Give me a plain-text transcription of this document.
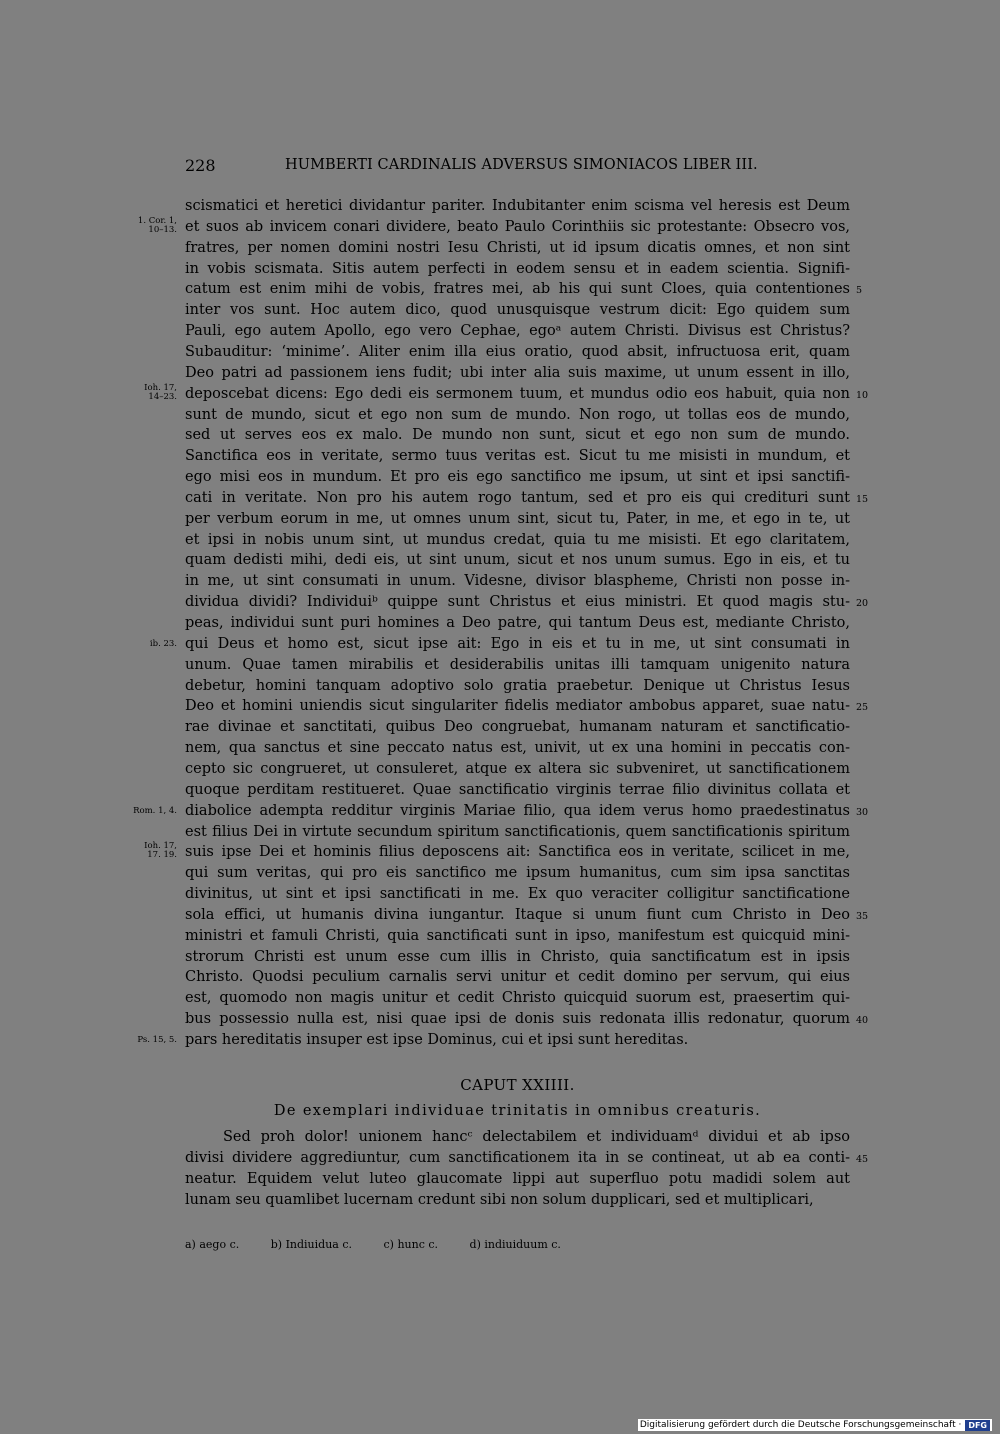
228	HUMBERTI CARDINALIS ADVERSUS SIMONIACOS LIBER III.
scismatici et heretici dividantur pariter. Indubitanter enim scisma vel heresis est Deum
et suos ab invicem conari dividere, beato Paulo Corinthiis sic protestante: Obsecro vos,
fratres, per nomen domini nostri Iesu Christi, ut id ipsum dicatis omnes, et non sint
in vobis scismata. Sitis autem perfecti in eodem sensu et in eadem scientia. Signifi-
catum est enim mihi de vobis, fratres mei, ab his qui sunt Cloes, quia contentiones
inter vos sunt. Hoc autem dico, quod unusquisque vestrum dicit: Ego quidem sum
Pauli, ego autem Apollo, ego vero Cephae, egoᵃ autem Christi. Divisus est Christus?
Subauditur: ‘minime’. Aliter enim illa eius oratio, quod absit, infructuosa erit, quam
Deo patri ad passionem iens fudit; ubi inter alia suis maxime, ut unum essent in illo,
deposcebat dicens: Ego dedi eis sermonem tuum, et mundus odio eos habuit, quia non
sunt de mundo, sicut et ego non sum de mundo. Non rogo, ut tollas eos de mundo,
sed ut serves eos ex malo. De mundo non sunt, sicut et ego non sum de mundo.
Sanctifica eos in veritate, sermo tuus veritas est. Sicut tu me misisti in mundum, et
ego misi eos in mundum. Et pro eis ego sanctifico me ipsum, ut sint et ipsi sanctifi-
cati in veritate. Non pro his autem rogo tantum, sed et pro eis qui credituri sunt
per verbum eorum in me, ut omnes unum sint, sicut tu, Pater, in me, et ego in te, ut
et ipsi in nobis unum sint, ut mundus credat, quia tu me misisti. Et ego claritatem,
quam dedisti mihi, dedi eis, ut sint unum, sicut et nos unum sumus. Ego in eis, et tu
in me, ut sint consumati in unum. Videsne, divisor blaspheme, Christi non posse in-
dividua dividi? Individuiᵇ quippe sunt Christus et eius ministri. Et quod magis stu-
peas, individui sunt puri homines a Deo patre, qui tantum Deus est, mediante Christo,
qui Deus et homo est, sicut ipse ait: Ego in eis et tu in me, ut sint consumati in
unum. Quae tamen mirabilis et desiderabilis unitas illi tamquam unigenito natura
debetur, homini tanquam adoptivo solo gratia praebetur. Denique ut Christus Iesus
Deo et homini uniendis sicut singulariter fidelis mediator ambobus apparet, suae natu-
rae divinae et sanctitati, quibus Deo congruebat, humanam naturam et sanctificatio-
nem, qua sanctus et sine peccato natus est, univit, ut ex una homini in peccatis con-
cepto sic congrueret, ut consuleret, atque ex altera sic subveniret, ut sanctificationem
quoque perditam restitueret. Quae sanctificatio virginis terrae filio divinitus collata et
diabolice adempta redditur virginis Mariae filio, qua idem verus homo praedestinatus
est filius Dei in virtute secundum spiritum sanctificationis, quem sanctificationis spiritum
suis ipse Dei et hominis filius deposcens ait: Sanctifica eos in veritate, scilicet in me,
qui sum veritas, qui pro eis sanctifico me ipsum humanitus, cum sim ipsa sanctitas
divinitus, ut sint et ipsi sanctificati in me. Ex quo veraciter colligitur sanctificatione
sola effici, ut humanis divina iungantur. Itaque si unum fiunt cum Christo in Deo
ministri et famuli Christi, quia sanctificati sunt in ipso, manifestum est quicquid mini-
strorum Christi est unum esse cum illis in Christo, quia sanctificatum est in ipsis
Christo. Quodsi peculium carnalis servi unitur et cedit domino per servum, qui eius
est, quomodo non magis unitur et cedit Christo quicquid suorum est, praesertim qui-
bus possessio nulla est, nisi quae ipsi de donis suis redonata illis redonatur, quorum
pars hereditatis insuper est ipse Dominus, cui et ipsi sunt hereditas.
1. Cor. 1,
10–13.
Ioh. 17,
14–23.
ib. 23.
Rom. 1, 4.
Ioh. 17,
17. 19.
Ps. 15, 5.
5
10
15
20
25
30
35
40
45
CAPUT XXIIII.
De exemplari individuae trinitatis in omnibus creaturis.
Sed proh dolor! unionem hancᶜ delectabilem et individuamᵈ dividui et ab ipso
divisi dividere aggrediuntur, cum sanctificationem ita in se contineat, ut ab ea conti-
neatur. Equidem velut luteo glaucomate lippi aut superfluo potu madidi solem aut
lunam seu quamlibet lucernam credunt sibi non solum dupplicari, sed et multiplicari,
a) aego c.	b) Indiuidua c.	c) hunc c.	d) indiuiduum c.
Digitalisierung gefördert durch die Deutsche Forschungsgemeinschaft · DFG
